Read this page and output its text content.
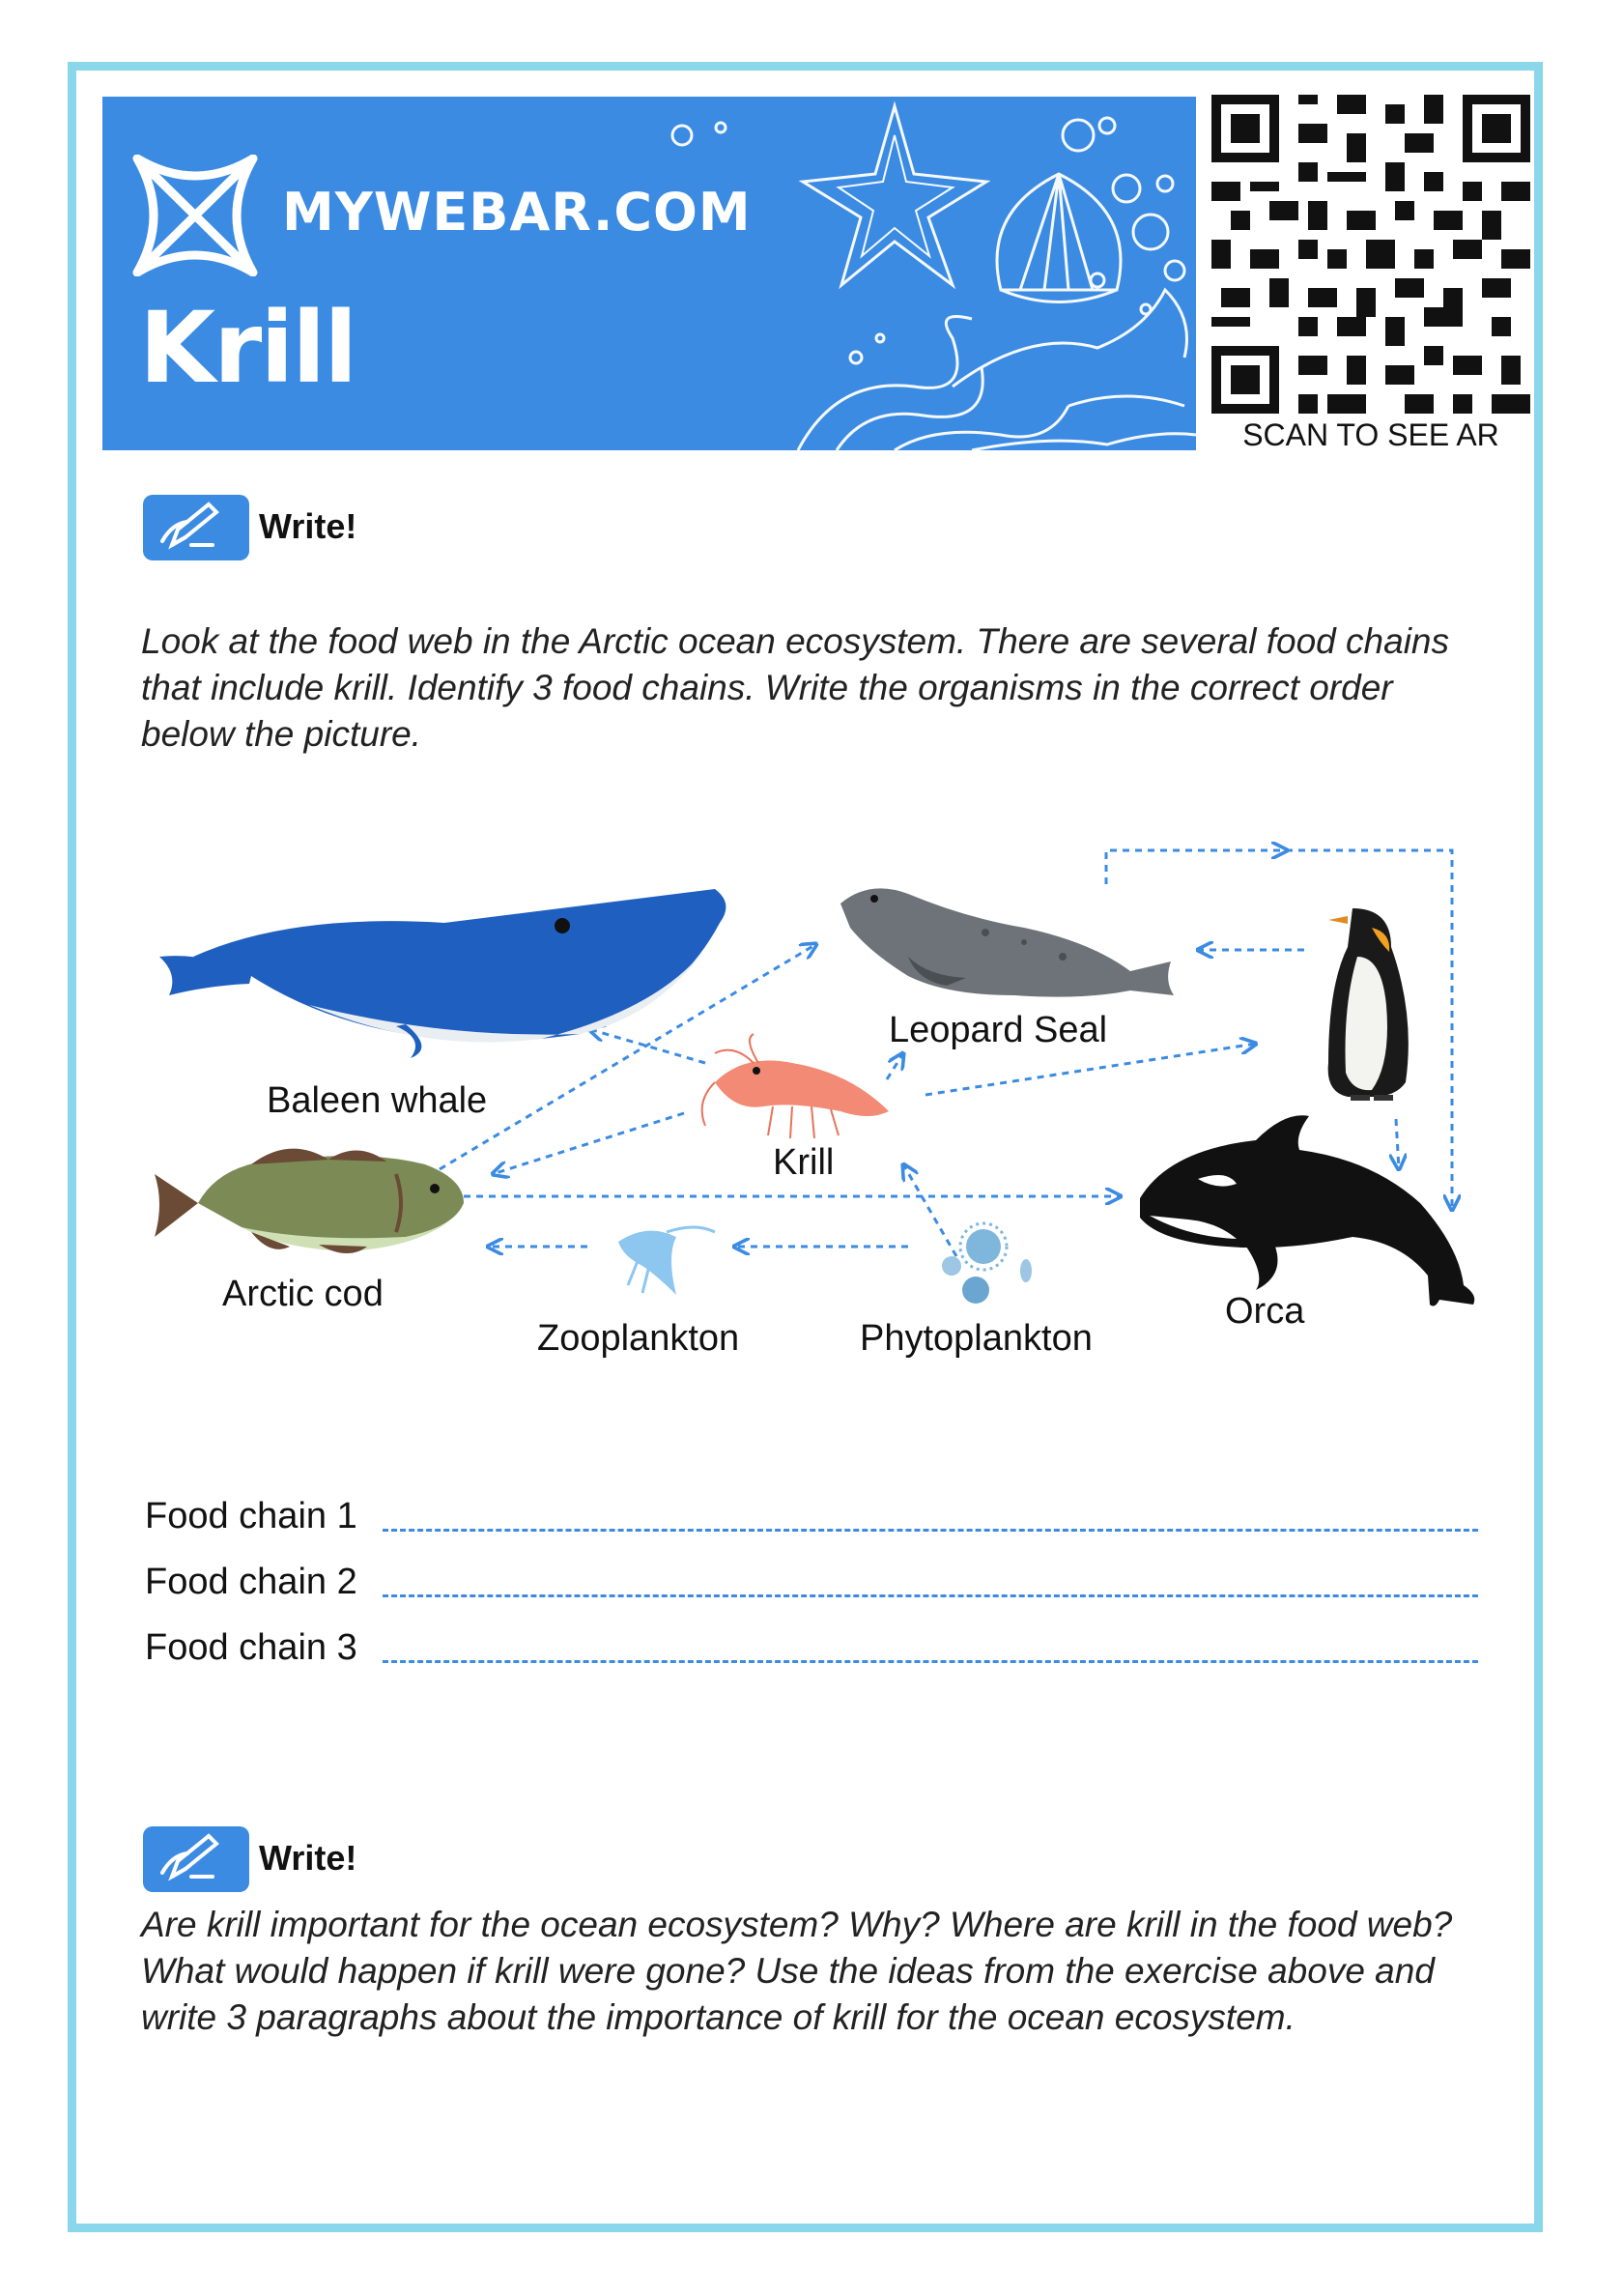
MYWEBAR.COM
Krill
SCAN TO SEE AR
Write!

Look at the food web in the Arctic ocean ecosystem. There are several food chains that include krill. Identify 3 food chains. Write the organisms in the correct order below the picture.

Baleen whale
Leopard Seal
Krill
Arctic cod
Zooplankton	Phytoplankton
Orca
Food chain 1
Food chain 2
Food chain 3
Write!

Are krill important for the ocean ecosystem? Why? Where are krill in the food web? What would happen if krill were gone? Use the ideas from the exercise above and write 3 paragraphs about the importance of krill for the ocean ecosystem.
